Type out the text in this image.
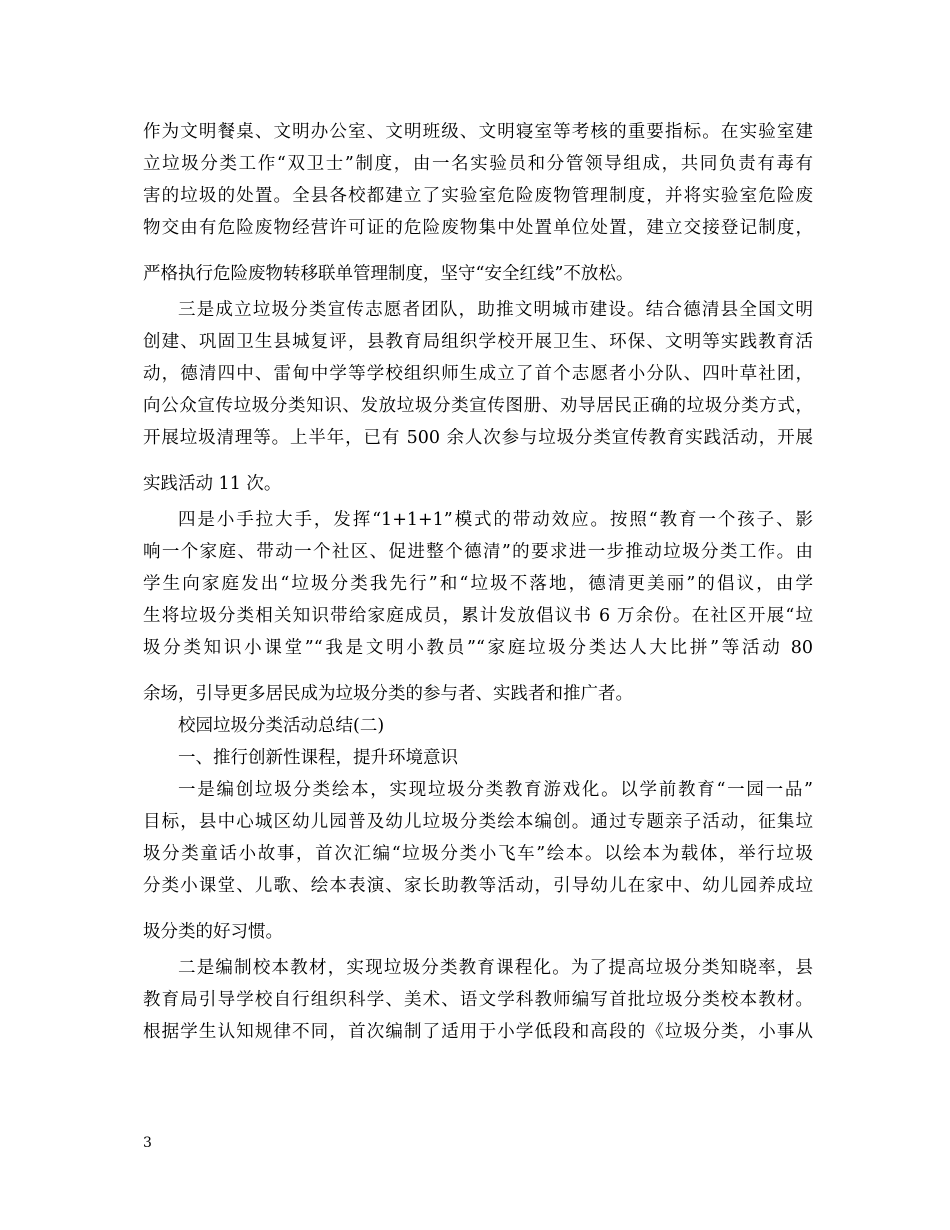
作为文明餐桌、文明办公室、文明班级、文明寝室等考核的重要指标。在实验室建
立垃圾分类工作“双卫士”制度，由一名实验员和分管领导组成，共同负责有毒有
害的垃圾的处置。全县各校都建立了实验室危险废物管理制度，并将实验室危险废
物交由有危险废物经营许可证的危险废物集中处置单位处置，建立交接登记制度，
严格执行危险废物转移联单管理制度，坚守“安全红线”不放松。
三是成立垃圾分类宣传志愿者团队，助推文明城市建设。结合德清县全国文明
创建、巩固卫生县城复评，县教育局组织学校开展卫生、环保、文明等实践教育活
动，德清四中、雷甸中学等学校组织师生成立了首个志愿者小分队、四叶草社团，
向公众宣传垃圾分类知识、发放垃圾分类宣传图册、劝导居民正确的垃圾分类方式，
开展垃圾清理等。上半年，已有 500 余人次参与垃圾分类宣传教育实践活动，开展
实践活动 11 次。
四是小手拉大手，发挥“1+1+1”模式的带动效应。按照“教育一个孩子、影
响一个家庭、带动一个社区、促进整个德清”的要求进一步推动垃圾分类工作。由
学生向家庭发出“垃圾分类我先行”和“垃圾不落地，德清更美丽”的倡议，由学
生将垃圾分类相关知识带给家庭成员，累计发放倡议书 6 万余份。在社区开展“垃
圾分类知识小课堂”“我是文明小教员”“家庭垃圾分类达人大比拼”等活动 80
余场，引导更多居民成为垃圾分类的参与者、实践者和推广者。
校园垃圾分类活动总结(二)
一、推行创新性课程，提升环境意识
一是编创垃圾分类绘本，实现垃圾分类教育游戏化。以学前教育“一园一品”
目标，县中心城区幼儿园普及幼儿垃圾分类绘本编创。通过专题亲子活动，征集垃
圾分类童话小故事，首次汇编“垃圾分类小飞车”绘本。以绘本为载体，举行垃圾
分类小课堂、儿歌、绘本表演、家长助教等活动，引导幼儿在家中、幼儿园养成垃
圾分类的好习惯。
二是编制校本教材，实现垃圾分类教育课程化。为了提高垃圾分类知晓率，县
教育局引导学校自行组织科学、美术、语文学科教师编写首批垃圾分类校本教材。
根据学生认知规律不同，首次编制了适用于小学低段和高段的《垃圾分类，小事从
3
